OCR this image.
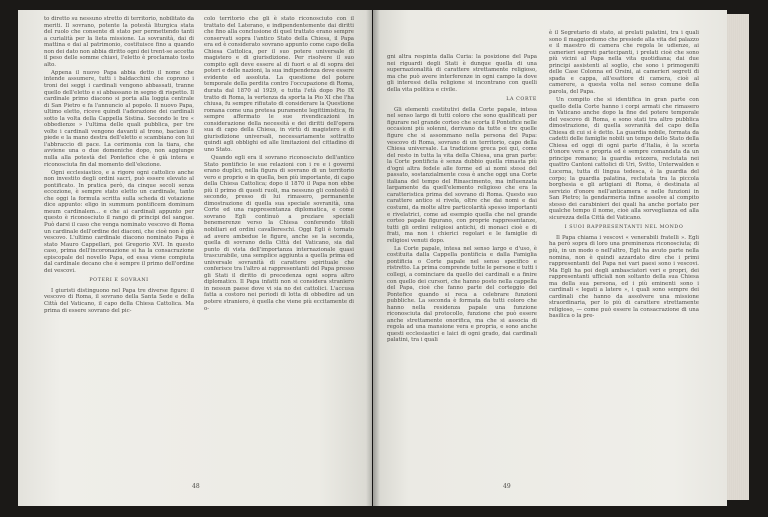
to diretto su nessuno stretto di territorio, nobilitato da meriti. Il sovrano, potente la potestà liturgica stata del ruolo che consente di stato per permettendo tanti a curialità per la lieta missione. La sovranità, dai di mattina e dai al patrimonio, costituisce fino a quando non dei dato non abbia diritto ogni dei trent-se accetta il peso delle somme chiavi, l'eletto è proclamato tosto alto.

Appena il nuovo Papa abbia detto il nome che intende assumere, tutti i baldacchini che coprono i troni dei seggi i cardinali vengono abbassati, tranne quello dell'eletto e si abbassano in segno di rispetto. Il cardinale primo diacono si porta alla loggia centrale di San Pietro e fa l'annuncio al popolo. Il nuovo Papa, ultimo eletto, riceve quindi l'adorazione dei cardinali sotto la volta della Cappella Sistina. Secondo le tre « obbedienze » l'ultima delle quali pubblica, per tre volte i cardinali vengono davanti al trono, baciano il piede e la mano destra dell'eletto e scambiano con lui l'abbraccio di pace. La cerimonia con la tiara, che avviene una o due domeniche dopo, non aggiunge nulla alla potestà del Pontefice che è già intera e riconosciuta fin dal momento dell'elezione.

Ogni ecclesiastico, e a rigore ogni cattolico anche non investito degli ordini sacri, può essere elevato al pontificato. In pratica però, da cinque secoli senza eccezione, è sempre stato eletto un cardinale, tanto che oggi la formula scritta sulla scheda di votazione dice appunto: eligo in summum pontificem dominum meum cardinalem... e che ai cardinali appunto per questo è riconosciuto il rango di principi del sangue. Può darsi il caso che venga nominato vescovo di Roma un cardinale dell'ordine dei diaconi, che cioè non è già vescovo. L'ultimo cardinale diacono nominato Papa è stato Mauro Cappellari, poi Gregorio XVI. In questo caso, prima dell'incoronazione si ha la consacrazione episcopale del novello Papa, ed essa viene compiuta dal cardinale decano che è sempre il primo dell'ordine dei vescovi.

POTERI E SOVRANI

I giuristi distinguono nel Papa tre diverse figure: il vescovo di Roma, il sovrano della Santa Sede e della Città del Vaticano, il capo della Chiesa Cattolica. Ma prima di essere sovrano del pic-

colo territorio che gli è stato riconosciuto con il trattato del Laterano, e indipendentemente dai diritti che fino alla conclusione di quel trattato erano sempre conservati sopra l'antico Stato della Chiesa, il Papa era ed è considerato sovrano appunto come capo della Chiesa Cattolica, per il suo potere universale di magistero e di giurisdizione. Per risolvere il suo compito egli deve essere al di fuori e al di sopra dei poteri e delle nazioni, la sua indipendenza deve essere evidente ed assoluta. La questione del potere temporale della perdita contro l'occupazione di Roma, durata dal 1870 al 1929, e tutta l'età dopo Pio IX tratto di Roma, la vertenza da sporta la Pio XI che l'ha chiusa, fu sempre rifiutato di considerare la Questione romana come una pretesa puramente legittimistica, fu sempre affermato le sue rivendicazioni in considerazione della necessità e dei diritti dell'opera sua di capo della Chiesa, in virtù di magistero e di giurisdizione universali, necessariamente sottratto quindi agli obblighi ed alle limitazioni del cittadino di uno Stato.

Quando egli era il sovrano riconosciuto dell'antico Stato pontificio le sue relazioni con i re e i governi erano duplici, nella figura di sovrano di un territorio vero e proprio e in quella, ben più importante, di capo della Chiesa Cattolica; dopo il 1870 il Papa non ebbe più il primo di questi ruoli, ma nessuno gli contestò il secondo, presso di lui rimasero, permanente dimostrazione di quella sua speciale sovranità, una Corte ed una rappresentanza diplomatica, e come sovrano Egli continuò a preziare speciali benemerenze verso la Chiesa conferendo titoli nobiliari ed ordini cavallereschi. Oggi Egli è tornato ad avere ambedue le figure, anche se la seconda, quella di sovrano della Città del Vaticano, sia dal punto di vista dell'importanza internazionale quasi trascurabile, una semplice aggiunta a quella prima ed universale sovranità di carattere spirituale che conferisce tra l'altro ai rappresentanti del Papa presso gli Stati il diritto di precedenza ogni sopra altro diplomatico. Il Papa infatti non si considera straniero in nessun paese dove vi sia no dei cattolici. L'accusa fatta a costoro nei periodi di lotta di obbedire ad un potere straniero, è quella che viene più eccitamente di o-

48

gni altra respinta dalla Curia: la posizione del Papa nei riguardi degli Stati è dunque quella di una supernazionalità di carattere strettamente religioso, ma che può avere interferenze in ogni campo la dove gli interessi della religione si incontrano con quelli della vita politica e civile.

LA CORTE

Gli elementi costitutivi della Corte papale, intesa nel senso largo di tutti coloro che sono qualificati per figurare nel grande corteo che scorta il Pontefice nelle occasioni più solenni, derivano da tutte e tre quelle figure che si assommano nella persona del Papa: vescovo di Roma, sovrano di un territorio, capo della Chiesa universale. La tradizione greca poi qui, come del resto in tutta la vita della Chiesa, una gran parte: la Corte pontificia è senza dubbio quella rimasta più d'ogni altra fedele alle forme ed ai nomi stessi del passato, sostanzialmente cosa è anche oggi una Corte italiana del tempo del Rinascimento, ma influenzata largamente da quell'elemento religioso che era la caratteristica prima del sovrano di Roma. Questo suo carattere antico si rivela, oltre che dai nomi e dai costumi, da molte altre particolarità spesso importanti e rivelatrici, come ad esempio quella che nel grande corteo papale figurano, con proprie rappresentanze, tutti gli ordini religiosi antichi, di monaci cioè e di frati, ma non i chierici regolari e le famiglie di religiosi venuti dopo.

La Corte papale, intesa nel senso largo e d'uso, è costituita dalla Cappella pontificia e dalla Famiglia pontificia o Corte papale nel senso specifico e ristretto. La prima comprende tutte le persone e tutti i collegi, a cominciare da quello dei cardinali e a finire con quello dei cursori, che hanno posto nella cappella del Papa, cioè che fanno parte del corteggio del Pontefice quando si reca a celebrare funzioni pubbliche. La seconda è formata da tutti coloro che hanno nella residenza papale una funzione riconosciuta dal protocollo, funzione che può essere anche strettamente onorifica, ma che si associa di regola ad una mansione vera e propria, e sono anche questi ecclesiastici e laici di ogni grado, dai cardinali palatini, tra i quali

è il Segretario di stato, ai prelati palatini, tra i quali sono il maggiordomo che presiede alla vita del palazzo e il maestro di camera che regola le udienze, ai camerieri segreti partecipanti, i prelati cioè che sono più vicini al Papa nella vita quotidiana; dai due principi assistenti al soglio, che sono i primogeniti delle Case Colonna ed Orsini, ai camerieri segreti di spada e cappa, all'esattore di camera, cioè al camerere, a questa volta nel senso comune della parola, del Papa.

Un compito che si identifica in gran parte con quello della Corte hanno i corpi armati che rimasero in Vaticano anche dopo la fine del potere temporale del vescovo di Roma, e sono stati tra altro pubblica dimostrazione, di quella sovranità del capo della Chiesa di cui si è detto. La guardia nobile, formata da cadetti delle famiglie nobili un tempo dello Stato della Chiesa ed oggi di ogni parte d'Italia, è la scorta d'onore vera e propria ed è sempre comandata da un principe romano; la guardia svizzera, reclutata nei quattro Cantoni cattolici di Uri, Svitto, Unterwalden e Lucerna, tutta di lingua tedesca, è la guardia del corpo; la guardia palatina, reclutata tra la piccola borghesia e gli artigiani di Roma, è destinata al servizio d'onore nell'anticamera e nelle funzioni in San Pietro; la gendarmeria infine assolve al compito stesso dei carabinieri dei quali ha anche portato per qualche tempo il nome, cioè alla sorveglianza ed alla sicurezza della Città del Vaticano.

I SUOI RAPPRESENTANTI NEL MONDO

Il Papa chiama i vescovi « venerabili fratelli ». Egli ha però sopra di loro una preminenza riconosciuta; di più, in un modo o nell'altro, Egli ha avuto parte nella nomina, non è quindi azzardato dire che i primi rappresentanti del Papa nei vari paesi sono i vescovi. Ma Egli ha poi degli ambasciatori veri e propri, dei rappresentanti ufficiali non soltanto della sua Chiesa ma della sua persona, ed i più eminenti sono i cardinali « legati a latere », i quali sono sempre dei cardinali che hanno da assolvere una missione straordinaria, per lo più di carattere strettamente religioso, — come può essere la consacrazione di una basilica o la pre-

49
